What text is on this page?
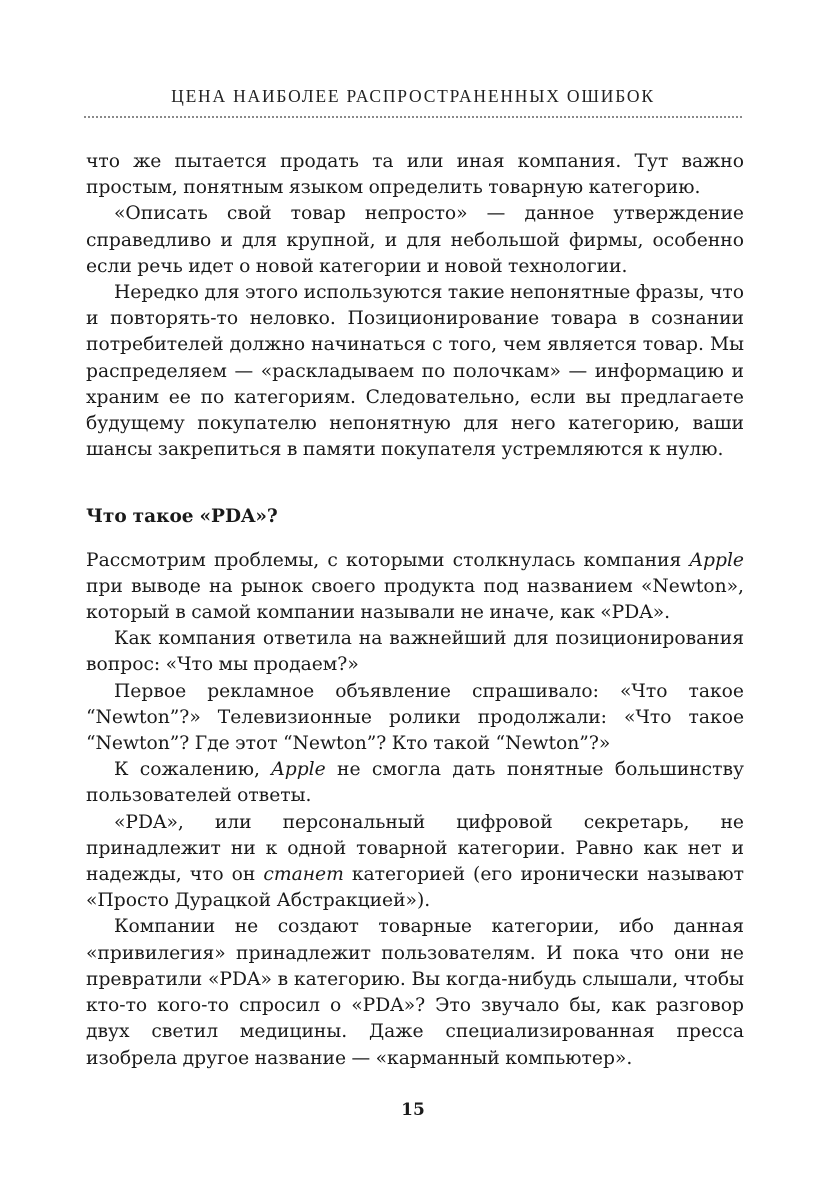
ЦЕНА НАИБОЛЕЕ РАСПРОСТРАНЕННЫХ ОШИБОК

что же пытается продать та или иная компания. Тут важно простым, понятным языком определить товарную категорию.

«Описать свой товар непросто» — данное утверждение справедливо и для крупной, и для небольшой фирмы, особенно если речь идет о новой категории и новой технологии.

Нередко для этого используются такие непонятные фразы, что и повторять-то неловко. Позиционирование товара в сознании потребителей должно начинаться с того, чем является товар. Мы распределяем — «раскладываем по полочкам» — информацию и храним ее по категориям. Следовательно, если вы предлагаете будущему покупателю непонятную для него категорию, ваши шансы закрепиться в памяти покупателя устремляются к нулю.

Что такое «PDA»?

Рассмотрим проблемы, с которыми столкнулась компания Apple при выводе на рынок своего продукта под названием «Newton», который в самой компании называли не иначе, как «PDA».

Как компания ответила на важнейший для позиционирования вопрос: «Что мы продаем?»

Первое рекламное объявление спрашивало: «Что такое “Newton”?» Телевизионные ролики продолжали: «Что такое “Newton”? Где этот “Newton”? Кто такой “Newton”?»

К сожалению, Apple не смогла дать понятные большинству пользователей ответы.

«PDA», или персональный цифровой секретарь, не принадлежит ни к одной товарной категории. Равно как нет и надежды, что он станет категорией (его иронически называют «Просто Дурацкой Абстракцией»).

Компании не создают товарные категории, ибо данная «привилегия» принадлежит пользователям. И пока что они не превратили «PDA» в категорию. Вы когда-нибудь слышали, чтобы кто-то кого-то спросил о «PDA»? Это звучало бы, как разговор двух светил медицины. Даже специализированная пресса изобрела другое название — «карманный компьютер».

15
